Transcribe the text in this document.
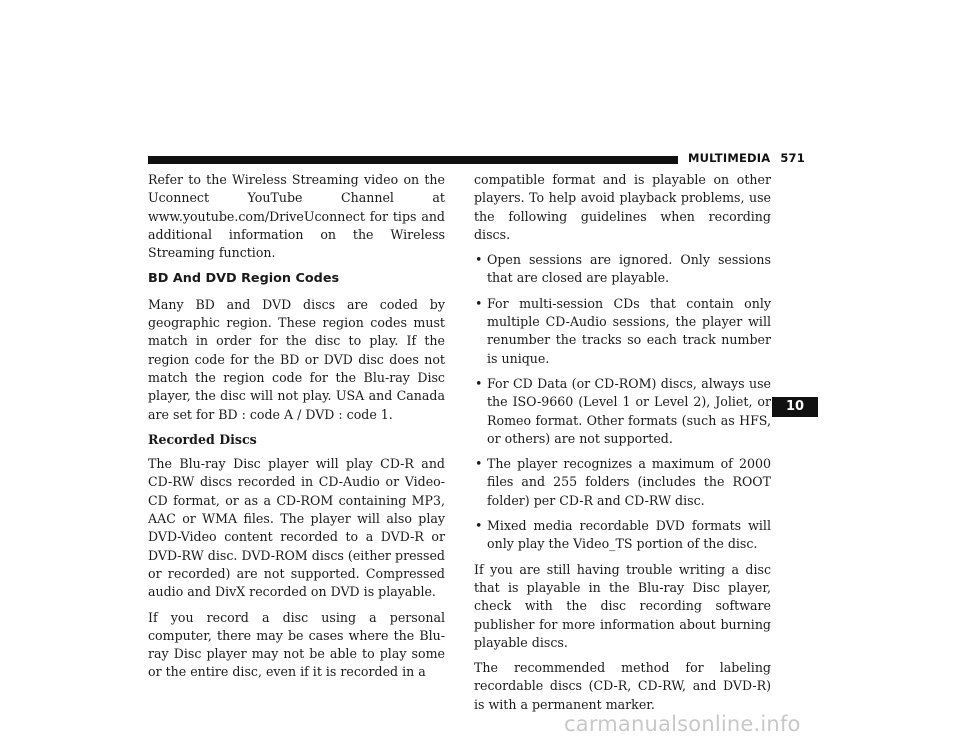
MULTIMEDIA 571

Refer to the Wireless Streaming video on the Uconnect YouTube Channel at www.youtube.com/DriveUconnect for tips and additional information on the Wireless Streaming function.

BD And DVD Region Codes

Many BD and DVD discs are coded by geographic region. These region codes must match in order for the disc to play. If the region code for the BD or DVD disc does not match the region code for the Blu-ray Disc player, the disc will not play. USA and Canada are set for BD : code A / DVD : code 1.

Recorded Discs

The Blu-ray Disc player will play CD-R and CD-RW discs recorded in CD-Audio or Video-CD format, or as a CD-ROM containing MP3, AAC or WMA files. The player will also play DVD-Video content recorded to a DVD-R or DVD-RW disc. DVD-ROM discs (either pressed or recorded) are not supported. Compressed audio and DivX recorded on DVD is playable.

If you record a disc using a personal computer, there may be cases where the Blu-ray Disc player may not be able to play some or the entire disc, even if it is recorded in a

compatible format and is playable on other players. To help avoid playback problems, use the following guidelines when recording discs.

• Open sessions are ignored. Only sessions that are closed are playable.
• For multi-session CDs that contain only multiple CD-Audio sessions, the player will renumber the tracks so each track number is unique.
• For CD Data (or CD-ROM) discs, always use the ISO-9660 (Level 1 or Level 2), Joliet, or Romeo format. Other formats (such as HFS, or others) are not supported.
• The player recognizes a maximum of 2000 files and 255 folders (includes the ROOT folder) per CD-R and CD-RW disc.
• Mixed media recordable DVD formats will only play the Video_TS portion of the disc.

If you are still having trouble writing a disc that is playable in the Blu-ray Disc player, check with the disc recording software publisher for more information about burning playable discs.

The recommended method for labeling recordable discs (CD-R, CD-RW, and DVD-R) is with a permanent marker.

10
carmanualsonline.info
